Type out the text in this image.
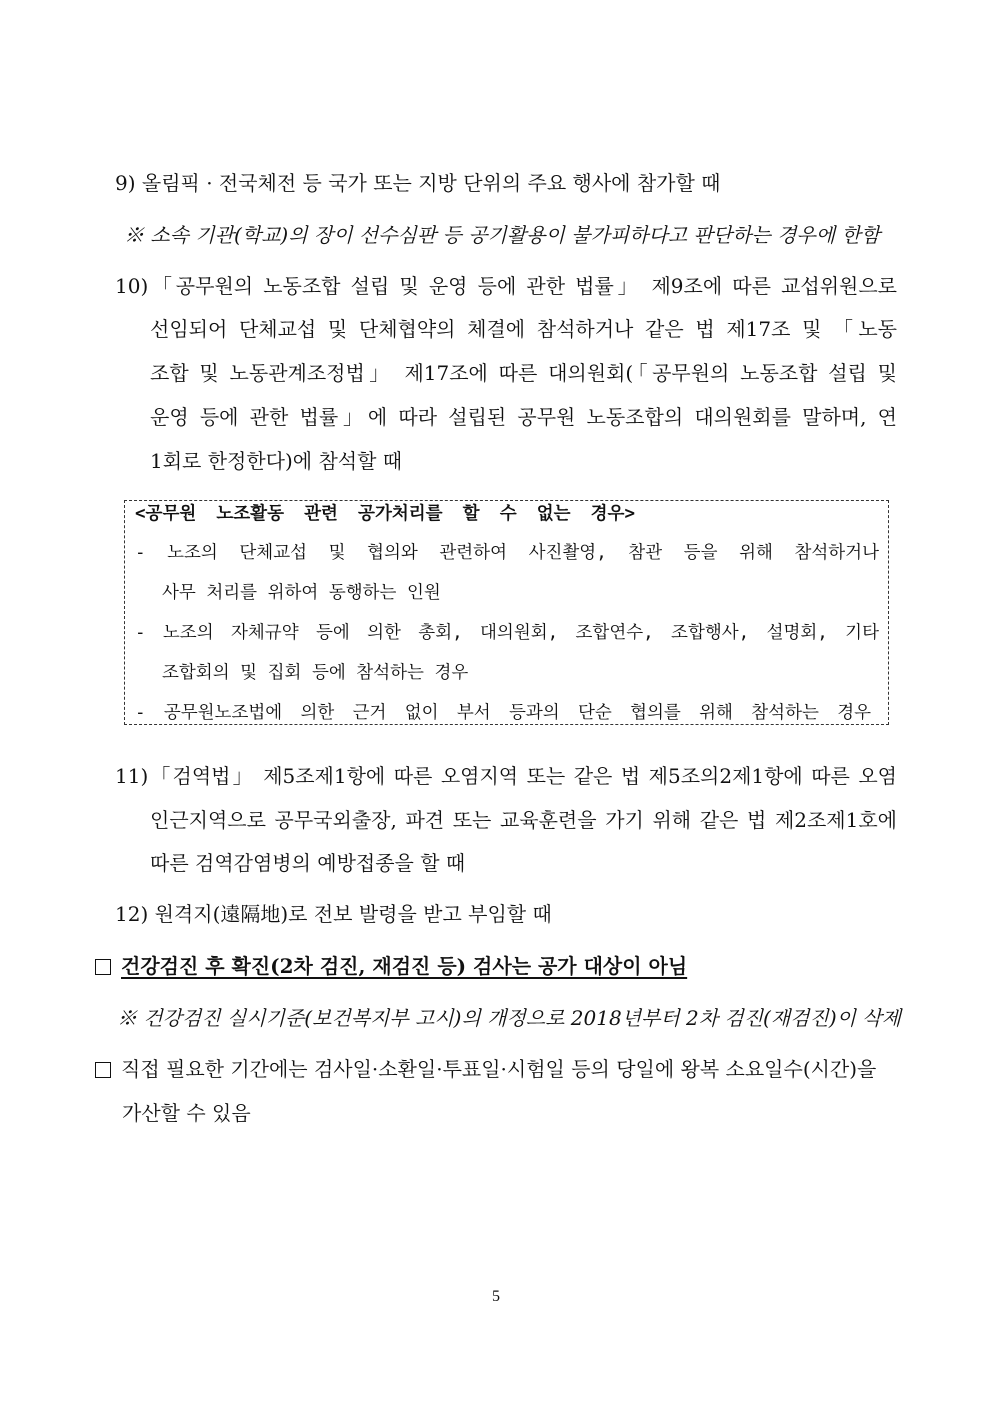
9) 올림픽 · 전국체전 등 국가 또는 지방 단위의 주요 행사에 참가할 때
※ 소속 기관(학교)의 장이 선수심판 등 공기활용이 불가피하다고 판단하는 경우에 한함
10)「공무원의 노동조합 설립 및 운영 등에 관한 법률」 제9조에 따른 교섭위원으로
선임되어 단체교섭 및 단체협약의 체결에 참석하거나 같은 법 제17조 및 「노동
조합 및 노동관계조정법」 제17조에 따른 대의원회(「공무원의 노동조합 설립 및
운영 등에 관한 법률」에 따라 설립된 공무원 노동조합의 대의원회를 말하며, 연
1회로 한정한다)에 참석할 때
<공무원 노조활동 관련 공가처리를 할 수 없는 경우>
- 노조의 단체교섭 및 협의와 관련하여 사진촬영, 참관 등을 위해 참석하거나
사무 처리를 위하여 동행하는 인원
- 노조의 자체규약 등에 의한 총회, 대의원회, 조합연수, 조합행사, 설명회, 기타
조합회의 및 집회 등에 참석하는 경우
- 공무원노조법에 의한 근거 없이 부서 등과의 단순 협의를 위해 참석하는 경우
11)「검역법」 제5조제1항에 따른 오염지역 또는 같은 법 제5조의2제1항에 따른 오염
인근지역으로 공무국외출장, 파견 또는 교육훈련을 가기 위해 같은 법 제2조제1호에
따른 검역감염병의 예방접종을 할 때
12) 원격지(遠隔地)로 전보 발령을 받고 부임할 때
건강검진 후 확진(2차 검진, 재검진 등) 검사는 공가 대상이 아님
※ 건강검진 실시기준(보건복지부 고시)의 개정으로 2018년부터 2차 검진(재검진)이 삭제
직접 필요한 기간에는 검사일·소환일·투표일·시험일 등의 당일에 왕복 소요일수(시간)을
가산할 수 있음
5
